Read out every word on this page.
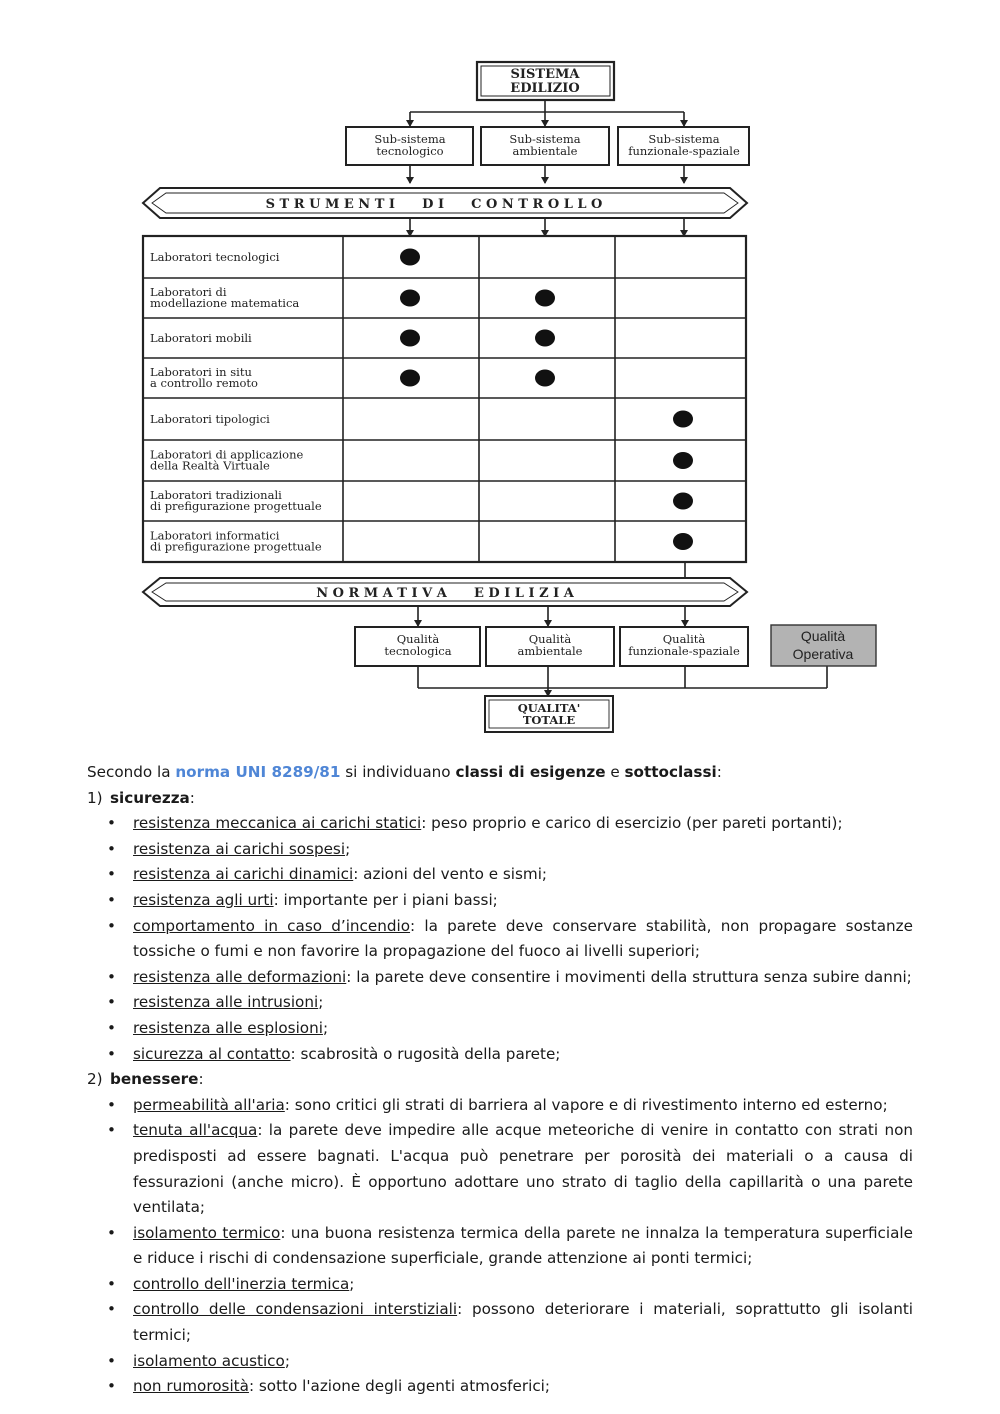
SISTEMA EDILIZIO
Sub-sistema tecnologico
Sub-sistema ambientale
Sub-sistema funzionale-spaziale
S T R U M E N T I      D I      C O N T R O L L O
Laboratori tecnologici
Laboratori di modellazione matematica
Laboratori mobili
Laboratori in situ a controllo remoto
Laboratori tipologici
Laboratori di applicazione della Realtà Virtuale
Laboratori tradizionali di prefigurazione progettuale
Laboratori informatici di prefigurazione progettuale
N O R M A T I V A      E D I L I Z I A
Qualità tecnologica
Qualità ambientale
Qualità funzionale-spaziale
Qualità Operativa
QUALITA' TOTALE

Secondo la norma UNI 8289/81 si individuano classi di esigenze e sottoclassi:

1) sicurezza:

• resistenza meccanica ai carichi statici: peso proprio e carico di esercizio (per pareti portanti);
• resistenza ai carichi sospesi;
• resistenza ai carichi dinamici: azioni del vento e sismi;
• resistenza agli urti: importante per i piani bassi;
• comportamento in caso d’incendio: la parete deve conservare stabilità, non propagare sostanze tossiche o fumi e non favorire la propagazione del fuoco ai livelli superiori;
• resistenza alle deformazioni: la parete deve consentire i movimenti della struttura senza subire danni;
• resistenza alle intrusioni;
• resistenza alle esplosioni;
• sicurezza al contatto: scabrosità o rugosità della parete;

2) benessere:

• permeabilità all'aria: sono critici gli strati di barriera al vapore e di rivestimento interno ed esterno;
• tenuta all'acqua: la parete deve impedire alle acque meteoriche di venire in contatto con strati non predisposti ad essere bagnati. L'acqua può penetrare per porosità dei materiali o a causa di fessurazioni (anche micro). È opportuno adottare uno strato di taglio della capillarità o una parete ventilata;
• isolamento termico: una buona resistenza termica della parete ne innalza la temperatura superficiale e riduce i rischi di condensazione superficiale, grande attenzione ai ponti termici;
• controllo dell'inerzia termica;
• controllo delle condensazioni interstiziali: possono deteriorare i materiali, soprattutto gli isolanti termici;
• isolamento acustico;
• non rumorosità: sotto l'azione degli agenti atmosferici;
